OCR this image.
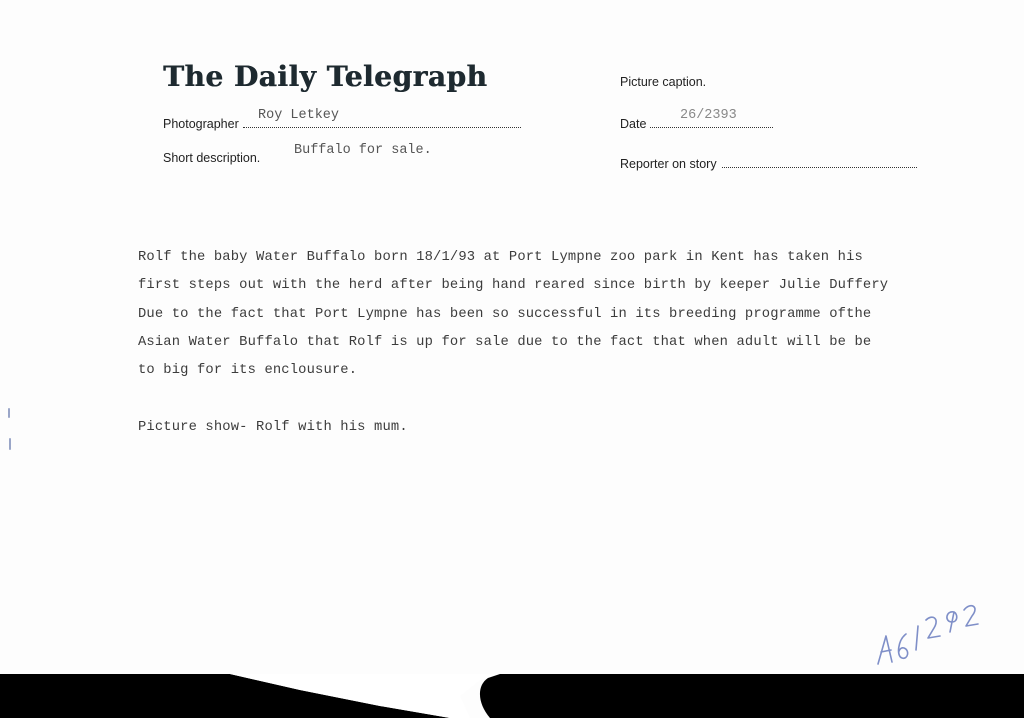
The Daily Telegraph	Picture caption.
Photographer
Roy Letkey
Date
26/2393
Short description. Buffalo for sale.
Reporter on story
Rolf the baby Water Buffalo born 18/1/93 at Port Lympne zoo park in Kent has taken his
first steps out with the herd after being hand reared since birth by keeper Julie Duffery
Due to the fact that Port Lympne has been so successful in its breeding programme ofthe
Asian Water Buffalo that Rolf is up for sale due to the fact that when adult will be be
to big for its enclousure.
Picture show- Rolf with his mum.
